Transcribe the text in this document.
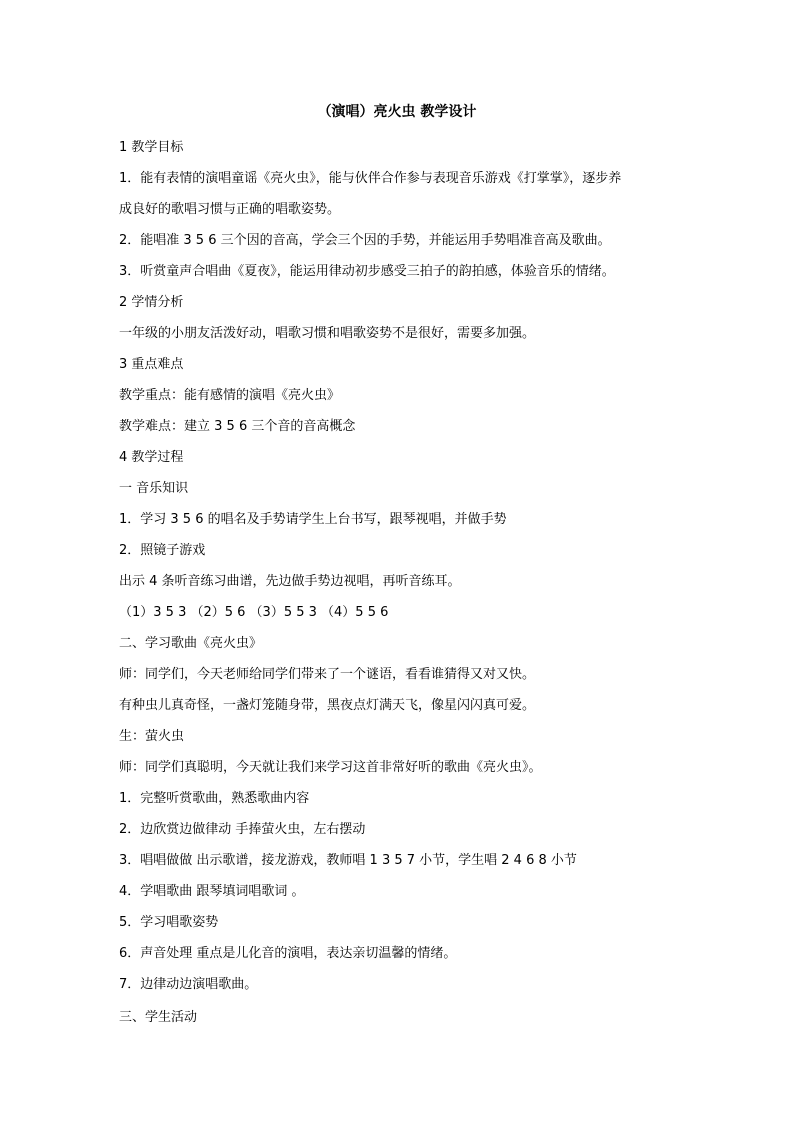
（演唱）亮火虫 教学设计
1 教学目标
1．能有表情的演唱童谣《亮火虫》，能与伙伴合作参与表现音乐游戏《打掌掌》，逐步养
成良好的歌唱习惯与正确的唱歌姿势。
2．能唱准 3 5 6 三个因的音高，学会三个因的手势，并能运用手势唱准音高及歌曲。
3．听赏童声合唱曲《夏夜》，能运用律动初步感受三拍子的韵拍感，体验音乐的情绪。
2 学情分析
一年级的小朋友活泼好动，唱歌习惯和唱歌姿势不是很好，需要多加强。
3 重点难点
教学重点：能有感情的演唱《亮火虫》
教学难点：建立 3 5 6 三个音的音高概念
4 教学过程
一 音乐知识
1．学习 3 5 6 的唱名及手势请学生上台书写，跟琴视唱，并做手势
2．照镜子游戏
出示 4 条听音练习曲谱，先边做手势边视唱，再听音练耳。
（1）3 5 3 （2）5 6 （3）5 5 3 （4）5 5 6
二、学习歌曲《亮火虫》
师：同学们，今天老师给同学们带来了一个谜语，看看谁猜得又对又快。
有种虫儿真奇怪，一盏灯笼随身带，黑夜点灯满天飞，像星闪闪真可爱。
生：萤火虫
师：同学们真聪明，今天就让我们来学习这首非常好听的歌曲《亮火虫》。
1．完整听赏歌曲，熟悉歌曲内容
2．边欣赏边做律动 手捧萤火虫，左右摆动
3．唱唱做做 出示歌谱，接龙游戏，教师唱 1 3 5 7 小节，学生唱 2 4 6 8 小节
4．学唱歌曲 跟琴填词唱歌词 。
5．学习唱歌姿势
6．声音处理 重点是儿化音的演唱，表达亲切温馨的情绪。
7．边律动边演唱歌曲。
三、学生活动
